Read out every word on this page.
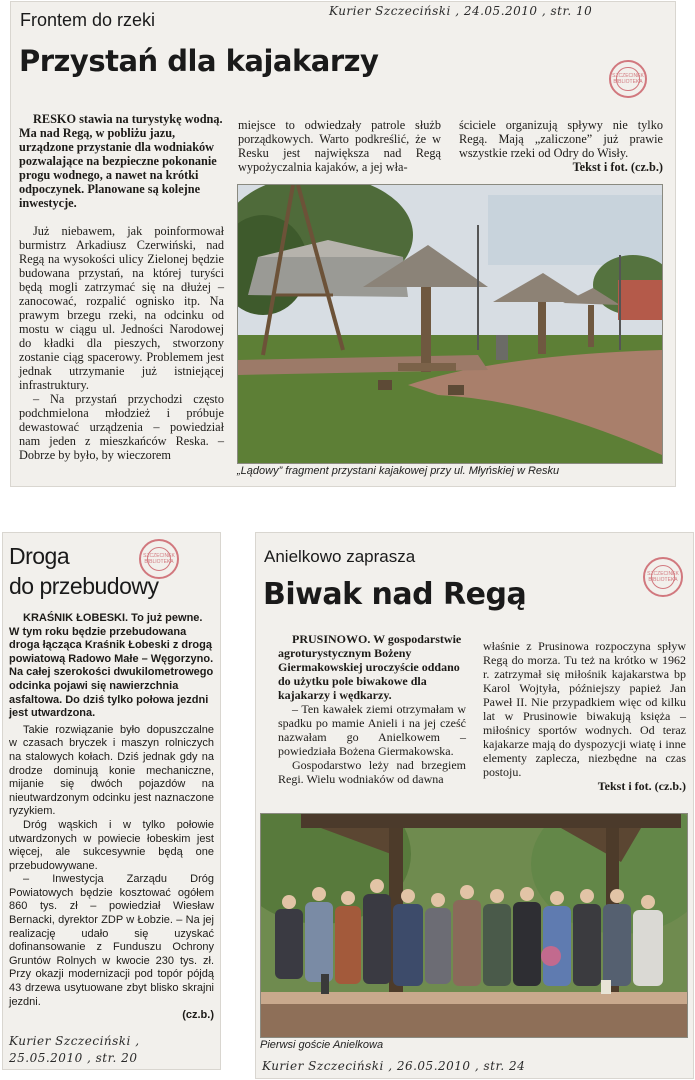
Kurier Szczeciński , 24.05.2010 , str. 10
Frontem do rzeki
Przystań dla kajakarzy	SZCZECINEK BIBLIOTEKA

RESKO stawia na turystykę wodną. Ma nad Regą, w pobliżu jazu, urządzone przystanie dla wodniaków pozwalające na bezpieczne pokonanie progu wodnego, a nawet na krótki odpoczynek. Planowane są kolejne inwestycje.

Już niebawem, jak poinformował burmistrz Arkadiusz Czerwiński, nad Regą na wysokości ulicy Zielonej będzie budowana przystań, na której turyści będą mogli zatrzymać się na dłużej – zanocować, rozpalić ognisko itp. Na prawym brzegu rzeki, na odcinku od mostu w ciągu ul. Jedności Narodowej do kładki dla pieszych, stworzony zostanie ciąg spacerowy. Problemem jest jednak utrzymanie już istniejącej infrastruktury.

– Na przystań przychodzi często podchmielona młodzież i próbuje dewastować urządzenia – powiedział nam jeden z mieszkańców Reska. – Dobrze by było, by wieczorem

miejsce to odwiedzały patrole służb porządkowych. Warto podkreślić, że w Resku jest największa nad Regą wypożyczalnia kajaków, a jej wła-

ściciele organizują spływy nie tylko Regą. Mają „zaliczone” już prawie wszystkie rzeki od Odry do Wisły.

Tekst i fot. (cz.b.)

„Lądowy” fragment przystani kajakowej przy ul. Młyńskiej w Resku
Droga
do przebudowy
SZCZECINEK BIBLIOTEKA

KRAŚNIK ŁOBESKI. To już pewne. W tym roku będzie przebudowana droga łącząca Kraśnik Łobeski z drogą powiatową Radowo Małe – Węgorzyno. Na całej szerokości dwukilometrowego odcinka pojawi się nawierzchnia asfaltowa. Do dziś tylko połowa jezdni jest utwardzona.

Takie rozwiązanie było dopuszczalne w czasach bryczek i maszyn rolniczych na stalowych kołach. Dziś jednak gdy na drodze dominują konie mechaniczne, mijanie się dwóch pojazdów na nieutwardzonym odcinku jest naznaczone ryzykiem.

Dróg wąskich i w tylko połowie utwardzonych w powiecie łobeskim jest więcej, ale sukcesywnie będą one przebudowywane.

– Inwestycja Zarządu Dróg Powiatowych będzie kosztować ogółem 860 tys. zł – powiedział Wiesław Bernacki, dyrektor ZDP w Łobzie. – Na jej realizację udało się uzyskać dofinansowanie z Funduszu Ochrony Gruntów Rolnych w kwocie 230 tys. zł. Przy okazji modernizacji pod topór pójdą 43 drzewa usytuowane zbyt blisko skrajni jezdni.

(cz.b.)

Kurier Szczeciński , 25.05.2010 , str. 20
Anielkowo zaprasza
Biwak nad Regą
SZCZECINEK BIBLIOTEKA

PRUSINOWO. W gospodarstwie agroturystycznym Bożeny Giermakowskiej uroczyście oddano do użytku pole biwakowe dla kajakarzy i wędkarzy.

– Ten kawałek ziemi otrzymałam w spadku po mamie Anieli i na jej cześć nazwałam go Anielkowem – powiedziała Bożena Giermakowska.

Gospodarstwo leży nad brzegiem Regi. Wielu wodniaków od dawna

właśnie z Prusinowa rozpoczyna spływ Regą do morza. Tu też na krótko w 1962 r. zatrzymał się miłośnik kajakarstwa bp Karol Wojtyła, późniejszy papież Jan Paweł II. Nie przypadkiem więc od kilku lat w Prusinowie biwakują księża – miłośnicy sportów wodnych. Od teraz kajakarze mają do dyspozycji wiatę i inne elementy zaplecza, niezbędne na czas postoju.

Tekst i fot. (cz.b.)

Pierwsi goście Anielkowa
Kurier Szczeciński , 26.05.2010 , str. 24
